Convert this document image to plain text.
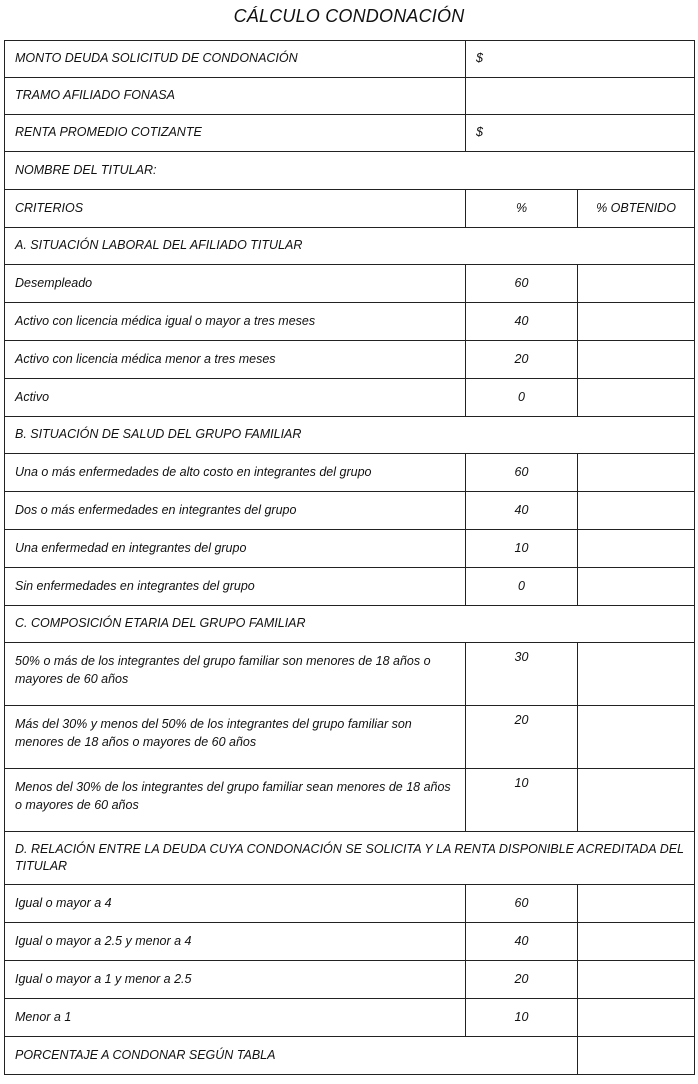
CÁLCULO CONDONACIÓN
MONTO DEUDA SOLICITUD DE CONDONACIÓN	$	
TRAMO AFILIADO FONASA		
RENTA PROMEDIO COTIZANTE	$	
NOMBRE DEL TITULAR:		
CRITERIOS	%	% OBTENIDO
A. SITUACIÓN LABORAL DEL AFILIADO TITULAR		
Desempleado	60	
Activo con licencia médica igual o mayor a tres meses	40	
Activo con licencia médica menor a tres meses	20	
Activo	0	
B. SITUACIÓN DE SALUD DEL GRUPO FAMILIAR		
Una o más enfermedades de alto costo en integrantes del grupo	60	
Dos o más enfermedades en integrantes del grupo	40	
Una enfermedad en integrantes del grupo	10	
Sin enfermedades en integrantes del grupo	0	
C. COMPOSICIÓN ETARIA DEL GRUPO FAMILIAR		
50% o más de los integrantes del grupo familiar son menores de 18 años o mayores de 60 años	30	
Más del 30% y menos del 50% de los integrantes del grupo familiar son menores de 18 años o mayores de 60 años	20	
Menos del 30% de los integrantes del grupo familiar sean menores de 18 años o mayores de 60 años	10	
D. RELACIÓN ENTRE LA DEUDA CUYA CONDONACIÓN SE SOLICITA Y LA RENTA DISPONIBLE ACREDITADA DEL TITULAR		
Igual o mayor a 4	60	
Igual o mayor a 2.5 y menor a 4	40	
Igual o mayor a 1 y menor a 2.5	20	
Menor a 1	10	
PORCENTAJE A CONDONAR SEGÚN TABLA		
